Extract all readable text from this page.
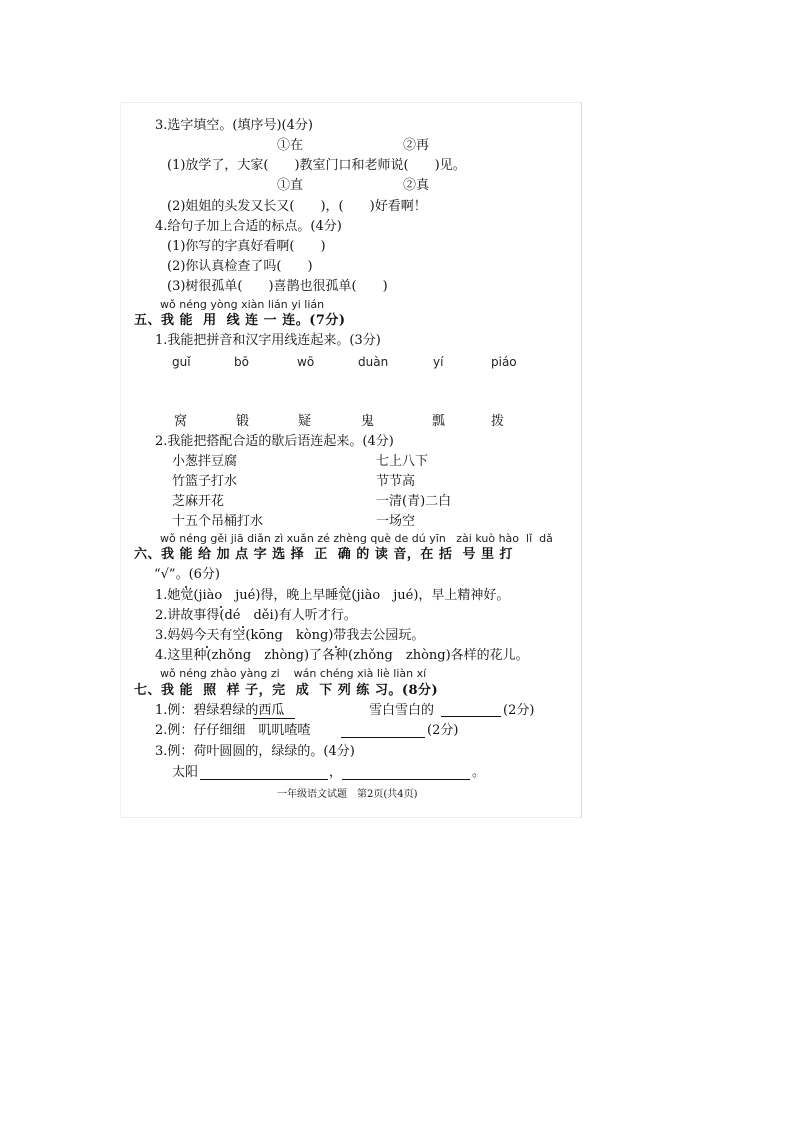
3.选字填空。(填序号)(4分)
①在	②再
(1)放学了，大家(　　)教室门口和老师说(　　)见。
①直	②真
(2)姐姐的头发又长又(　　)，(　　)好看啊！
4.给句子加上合适的标点。(4分)
(1)你写的字真好看啊(　　)
(2)你认真检查了吗(　　)
(3)树很孤单(　　)喜鹊也很孤单(　　)
wǒ néng yòng xiàn lián yi lián
五、我 能  用  线 连 一 连。(7分)
1.我能把拼音和汉字用线连起来。(3分)
guǐ	bō	wō	duàn	yí	piáo
窝	锻	疑	鬼	瓢	拨
2.我能把搭配合适的歇后语连起来。(4分)
小葱拌豆腐
竹篮子打水
芝麻开花
十五个吊桶打水
七上八下
节节高
一清(青)二白
一场空
wǒ néng gěi jiā diǎn zì xuǎn zé zhèng què de dú yīn   zài kuò hào  lǐ  dǎ
六、我 能 给 加 点 字 选 择  正  确 的 读 音，在 括  号 里 打
“√”。(6分)
1.她觉(jiào　jué)得，晚上早睡觉(jiào　jué)，早上精神好。
2.讲故事得(dé　děi)有人听才行。
3.妈妈今天有空(kōng　kòng)带我去公园玩。
4.这里种(zhǒng　zhòng)了各种(zhǒng　zhòng)各样的花儿。
wǒ néng zhào yàng zi    wán chéng xià liè liàn xí
七、我 能  照  样 子，完  成  下 列 练 习。(8分)
1.例：碧绿碧绿的西瓜	雪白雪白的	(2分)
2.例：仔仔细细　叽叽喳喳	(2分)
3.例：荷叶圆圆的，绿绿的。(4分)
太阳	，	。
一年级语文试题　第2页(共4页)
